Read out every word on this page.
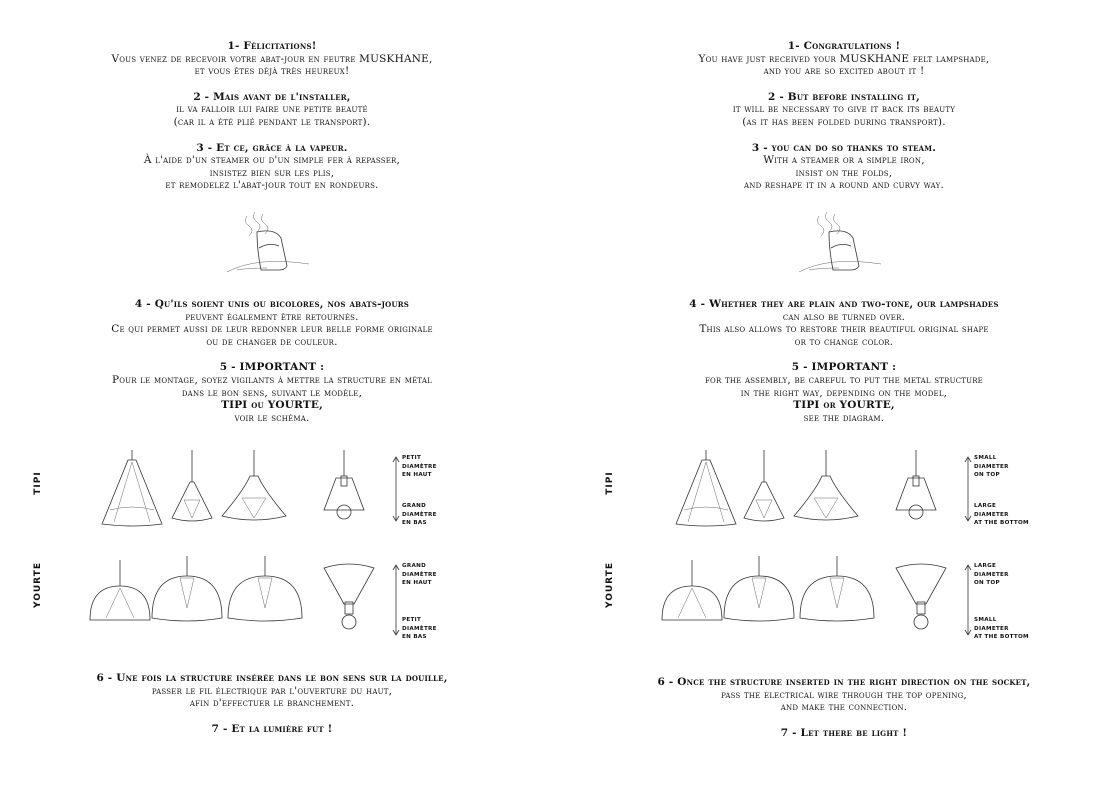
1- Félicitations!
Vous venez de recevoir votre abat-jour en feutre MUSKHANE,
et vous êtes déjà très heureux!
2 - Mais avant de l'installer,
il va falloir lui faire une petite beauté
(car il a été plié pendant le transport).
3 - Et ce, grâce à la vapeur.
À l'aide d'un steamer ou d'un simple fer à repasser,
insistez bien sur les plis,
et remodelez l'abat-jour tout en rondeurs.
4 - Qu'ils soient unis ou bicolores, nos abats-jours
peuvent également être retournés.
Ce qui permet aussi de leur redonner leur belle forme originale
ou de changer de couleur.
5 - IMPORTANT :
Pour le montage, soyez vigilants à mettre la structure en métal
dans le bon sens, suivant le modèle,
TIPI ou YOURTE,
voir le schéma.
TIPI
YOURTE
PETIT
DIAMÈTRE
EN HAUT
GRAND
DIAMÈTRE
EN BAS
GRAND
DIAMÈTRE
EN HAUT
PETIT
DIAMÈTRE
EN BAS
6 - Une fois la structure insérée dans le bon sens sur la douille,
passer le fil électrique par l'ouverture du haut,
afin d'effectuer le branchement.
7 - Et la lumière fut !
1- Congratulations !
You have just received your MUSKHANE felt lampshade,
and you are so excited about it !
2 - But before installing it,
it will be necessary to give it back its beauty
(as it has been folded during transport).
3 - you can do so thanks to steam.
With a steamer or a simple iron,
insist on the folds,
and reshape it in a round and curvy way.
4 - Whether they are plain and two-tone, our lampshades
can also be turned over.
This also allows to restore their beautiful original shape
or to change color.
5 - IMPORTANT :
for the assembly, be careful to put the metal structure
in the right way, depending on the model,
TIPI or YOURTE,
see the diagram.
TIPI
YOURTE
SMALL
DIAMETER
ON TOP
LARGE
DIAMETER
AT THE BOTTOM
LARGE
DIAMETER
ON TOP
SMALL
DIAMETER
AT THE BOTTOM
6 - Once the structure inserted in the right direction on the socket,
pass the electrical wire through the top opening,
and make the connection.
7 - Let there be light !
